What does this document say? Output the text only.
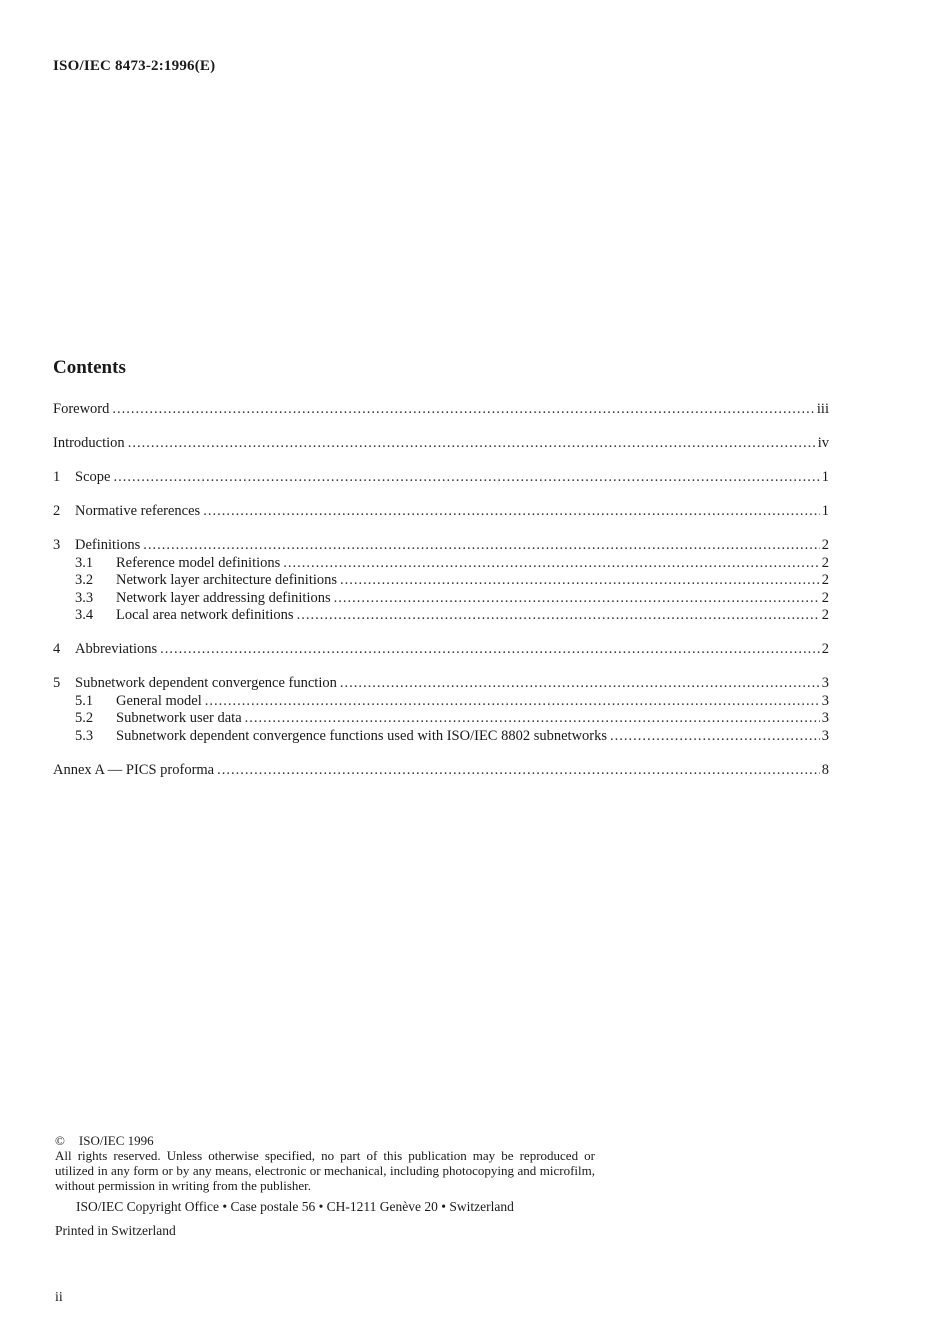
ISO/IEC 8473-2:1996(E)
Contents
Foreword .....	iii
Introduction .....	iv
1	Scope .....	1
2	Normative references .....	1
3	Definitions .....	2
3.1	Reference model definitions .....	2
3.2	Network layer architecture definitions .....	2
3.3	Network layer addressing definitions .....	2
3.4	Local area network definitions .....	2
4	Abbreviations .....	2
5	Subnetwork dependent convergence function .....	3
5.1	General model .....	3
5.2	Subnetwork user data .....	3
5.3	Subnetwork dependent convergence functions used with ISO/IEC 8802 subnetworks .....	3
Annex A — PICS proforma .....	8
© ISO/IEC 1996
All rights reserved. Unless otherwise specified, no part of this publication may be reproduced or utilized in any form or by any means, electronic or mechanical, including photocopying and microfilm, without permission in writing from the publisher.
ISO/IEC Copyright Office • Case postale 56 • CH-1211 Genève 20 • Switzerland
Printed in Switzerland
ii
